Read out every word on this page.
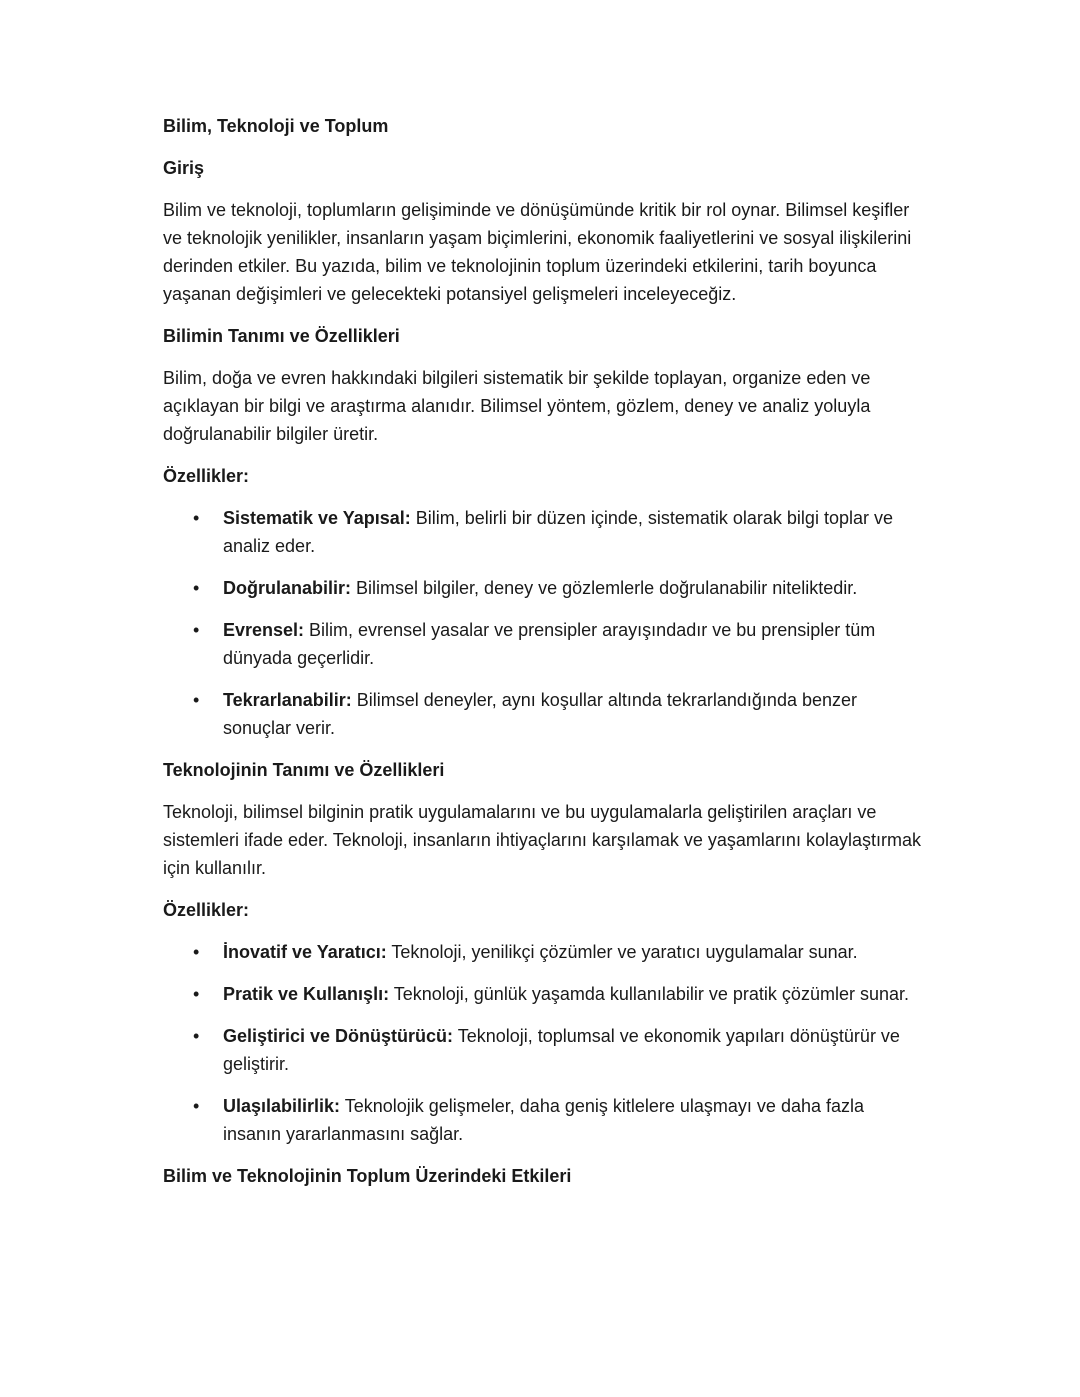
Bilim, Teknoloji ve Toplum
Giriş
Bilim ve teknoloji, toplumların gelişiminde ve dönüşümünde kritik bir rol oynar. Bilimsel keşifler ve teknolojik yenilikler, insanların yaşam biçimlerini, ekonomik faaliyetlerini ve sosyal ilişkilerini derinden etkiler. Bu yazıda, bilim ve teknolojinin toplum üzerindeki etkilerini, tarih boyunca yaşanan değişimleri ve gelecekteki potansiyel gelişmeleri inceleyeceğiz.
Bilimin Tanımı ve Özellikleri
Bilim, doğa ve evren hakkındaki bilgileri sistematik bir şekilde toplayan, organize eden ve açıklayan bir bilgi ve araştırma alanıdır. Bilimsel yöntem, gözlem, deney ve analiz yoluyla doğrulanabilir bilgiler üretir.
Özellikler:
• Sistematik ve Yapısal: Bilim, belirli bir düzen içinde, sistematik olarak bilgi toplar ve analiz eder.
• Doğrulanabilir: Bilimsel bilgiler, deney ve gözlemlerle doğrulanabilir niteliktedir.
• Evrensel: Bilim, evrensel yasalar ve prensipler arayışındadır ve bu prensipler tüm dünyada geçerlidir.
• Tekrarlanabilir: Bilimsel deneyler, aynı koşullar altında tekrarlandığında benzer sonuçlar verir.
Teknolojinin Tanımı ve Özellikleri
Teknoloji, bilimsel bilginin pratik uygulamalarını ve bu uygulamalarla geliştirilen araçları ve sistemleri ifade eder. Teknoloji, insanların ihtiyaçlarını karşılamak ve yaşamlarını kolaylaştırmak için kullanılır.
Özellikler:
• İnovatif ve Yaratıcı: Teknoloji, yenilikçi çözümler ve yaratıcı uygulamalar sunar.
• Pratik ve Kullanışlı: Teknoloji, günlük yaşamda kullanılabilir ve pratik çözümler sunar.
• Geliştirici ve Dönüştürücü: Teknoloji, toplumsal ve ekonomik yapıları dönüştürür ve geliştirir.
• Ulaşılabilirlik: Teknolojik gelişmeler, daha geniş kitlelere ulaşmayı ve daha fazla insanın yararlanmasını sağlar.
Bilim ve Teknolojinin Toplum Üzerindeki Etkileri
